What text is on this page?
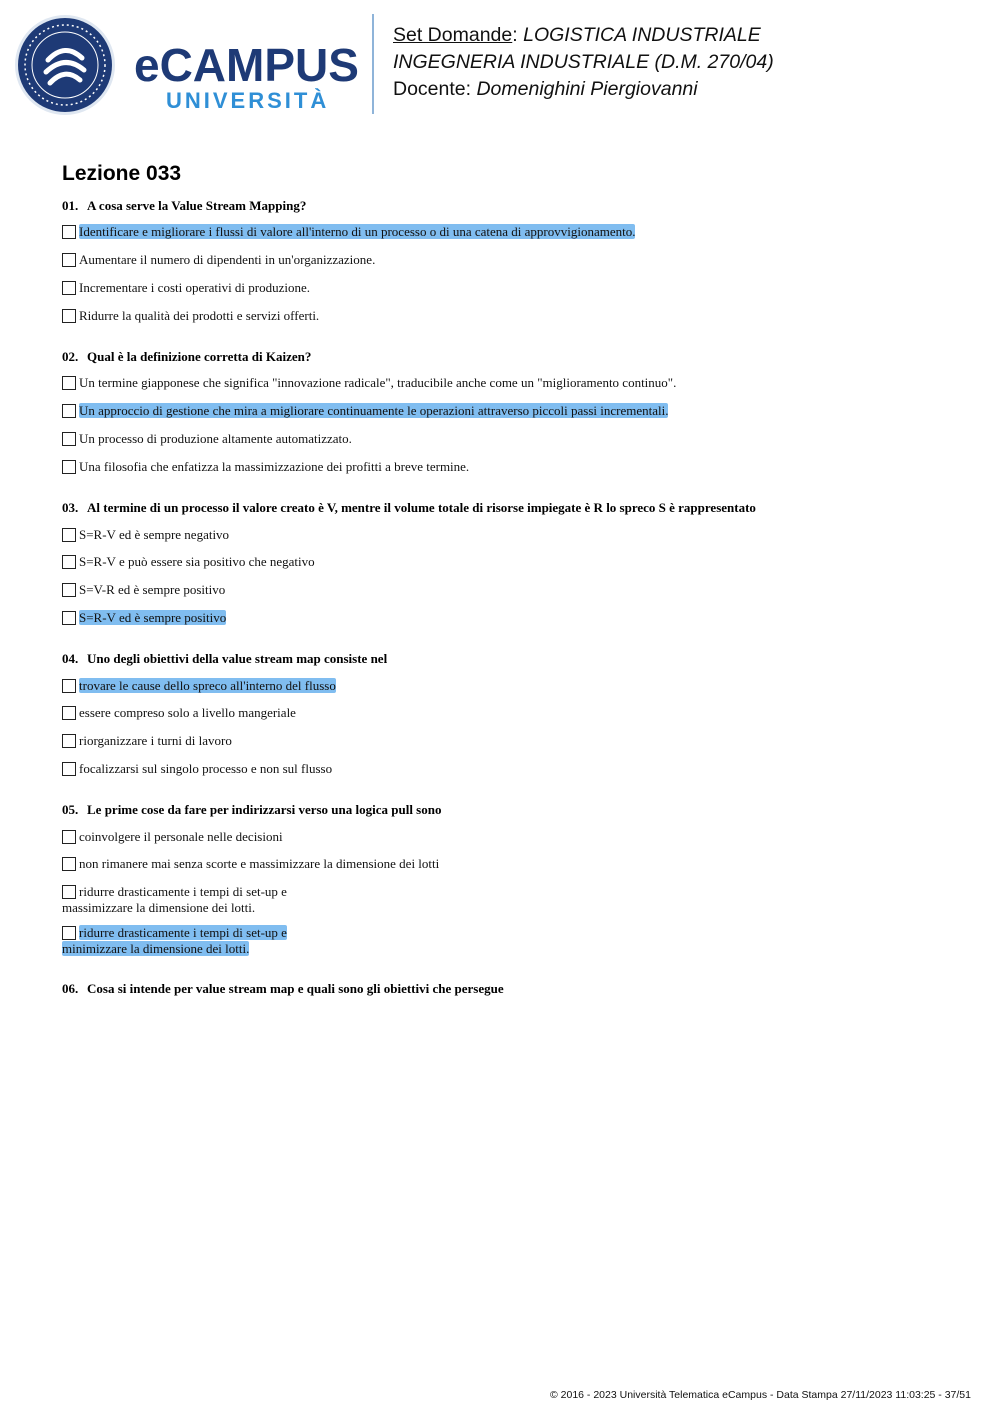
eCAMPUS
UNIVERSITÀ
Set Domande: LOGISTICA INDUSTRIALE
INGEGNERIA INDUSTRIALE (D.M. 270/04)
Docente: Domenighini Piergiovanni
Lezione 033
01. A cosa serve la Value Stream Mapping?
Identificare e migliorare i flussi di valore all'interno di un processo o di una catena di approvvigionamento.
Aumentare il numero di dipendenti in un'organizzazione.
Incrementare i costi operativi di produzione.
Ridurre la qualità dei prodotti e servizi offerti.
02. Qual è la definizione corretta di Kaizen?
Un termine giapponese che significa "innovazione radicale", traducibile anche come un "miglioramento continuo".
Un approccio di gestione che mira a migliorare continuamente le operazioni attraverso piccoli passi incrementali.
Un processo di produzione altamente automatizzato.
Una filosofia che enfatizza la massimizzazione dei profitti a breve termine.
03. Al termine di un processo il valore creato è V, mentre il volume totale di risorse impiegate è R lo spreco S è rappresentato
S=R-V ed è sempre negativo
S=R-V e può essere sia positivo che negativo
S=V-R ed è sempre positivo
S=R-V ed è sempre positivo
04. Uno degli obiettivi della value stream map consiste nel
trovare le cause dello spreco all'interno del flusso
essere compreso solo a livello mangeriale
riorganizzare i turni di lavoro
focalizzarsi sul singolo processo e non sul flusso
05. Le prime cose da fare per indirizzarsi verso una logica pull sono
coinvolgere il personale nelle decisioni
non rimanere mai senza scorte e massimizzare la dimensione dei lotti
ridurre drasticamente i tempi di set-up e
massimizzare la dimensione dei lotti.
ridurre drasticamente i tempi di set-up e
minimizzare la dimensione dei lotti.
06. Cosa si intende per value stream map e quali sono gli obiettivi che persegue
© 2016 - 2023 Università Telematica eCampus - Data Stampa 27/11/2023 11:03:25 - 37/51
